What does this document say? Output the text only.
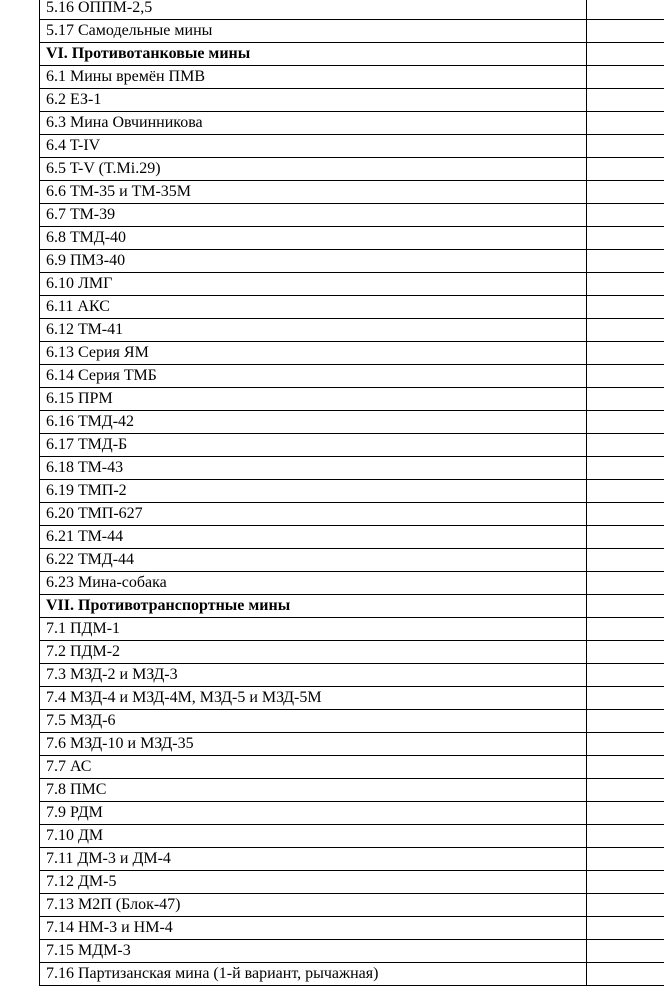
5.16 ОППМ-2,5	
5.17 Самодельные мины	
VI. Противотанковые мины	
6.1 Мины времён ПМВ	
6.2 ЕЗ-1	
6.3 Мина Овчинникова	
6.4 T-IV	
6.5 T-V (T.Mi.29)	
6.6 ТМ-35 и ТМ-35М	
6.7 ТМ-39	
6.8 ТМД-40	
6.9 ПМЗ-40	
6.10 ЛМГ	
6.11 АКС	
6.12 ТМ-41	
6.13 Серия ЯМ	
6.14 Серия ТМБ	
6.15 ПРМ	
6.16 ТМД-42	
6.17 ТМД-Б	
6.18 ТМ-43	
6.19 ТМП-2	
6.20 ТМП-627	
6.21 ТМ-44	
6.22 ТМД-44	
6.23 Мина-собака	
VII. Противотранспортные мины	
7.1 ПДМ-1	
7.2 ПДМ-2	
7.3 МЗД-2 и МЗД-3	
7.4 МЗД-4 и МЗД-4М, МЗД-5 и МЗД-5М	
7.5 МЗД-6	
7.6 МЗД-10 и МЗД-35	
7.7 АС	
7.8 ПМС	
7.9 РДМ	
7.10 ДМ	
7.11 ДМ-3 и ДМ-4	
7.12 ДМ-5	
7.13 М2П (Блок-47)	
7.14 НМ-3 и НМ-4	
7.15 МДМ-3	
7.16 Партизанская мина (1-й вариант, рычажная)	
